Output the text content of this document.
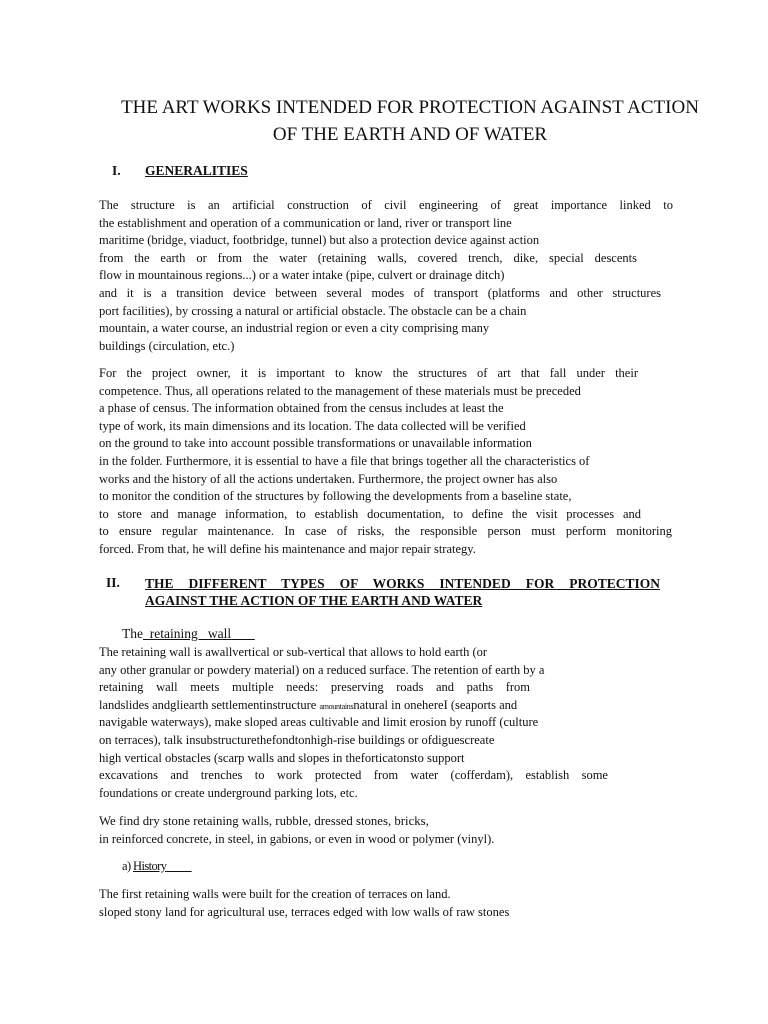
THE ART WORKS INTENDED FOR PROTECTION AGAINST ACTION
OF THE EARTH AND OF WATER
I. GENERALITIES
The structure is an artificial construction of civil engineering of great importance linked to
the establishment and operation of a communication or land, river or transport line
maritime (bridge, viaduct, footbridge, tunnel) but also a protection device against action
from the earth or from the water (retaining walls, covered trench, dike, special descents
flow in mountainous regions...) or a water intake (pipe, culvert or drainage ditch)
and it is a transition device between several modes of transport (platforms and other structures
port facilities), by crossing a natural or artificial obstacle. The obstacle can be a chain
mountain, a water course, an industrial region or even a city comprising many
buildings (circulation, etc.)
For the project owner, it is important to know the structures of art that fall under their
competence. Thus, all operations related to the management of these materials must be preceded
a phase of census. The information obtained from the census includes at least the
type of work, its main dimensions and its location. The data collected will be verified
on the ground to take into account possible transformations or unavailable information
in the folder. Furthermore, it is essential to have a file that brings together all the characteristics of
works and the history of all the actions undertaken. Furthermore, the project owner has also
to monitor the condition of the structures by following the developments from a baseline state,
to store and manage information, to establish documentation, to define the visit processes and
to ensure regular maintenance. In case of risks, the responsible person must perform monitoring
forced. From that, he will define his maintenance and major repair strategy.
II. THE DIFFERENT TYPES OF WORKS INTENDED FOR PROTECTION
AGAINST THE ACTION OF THE EARTH AND WATER
The retaining   wall
The retaining wall is awallvertical or sub-vertical that allows to hold earth (or
any other granular or powdery material) on a reduced surface. The retention of earth by a
retaining wall meets multiple needs: preserving roads and paths from
landslides andgliearth settlementinstructure amountainsnatural in onehereI (seaports and
navigable waterways), make sloped areas cultivable and limit erosion by runoff (culture
on terraces), talk insubstructurethefondtonhigh-rise buildings or ofdiguescreate
high vertical obstacles (scarp walls and slopes in theforticatonsto support
excavations and trenches to work protected from water (cofferdam), establish some
foundations or create underground parking lots, etc.
We find dry stone retaining walls, rubble, dressed stones, bricks,
in reinforced concrete, in steel, in gabions, or even in wood or polymer (vinyl).
a) History
The first retaining walls were built for the creation of terraces on land.
sloped stony land for agricultural use, terraces edged with low walls of raw stones
